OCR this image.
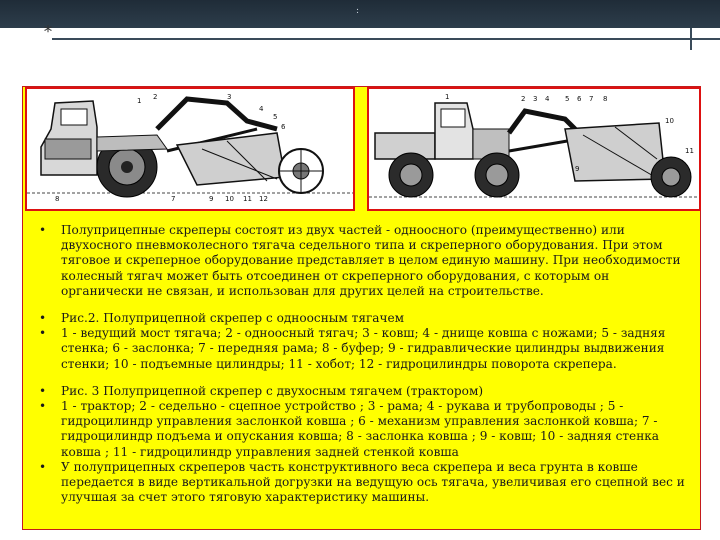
:
*
1 2	3
4
5
6
7
8	9 10 11 12
1	2 3 4 5 6 7 8
9
10
11
• Полуприцепные скреперы состоят из двух частей - одноосного (преимущественно) или двухосного пневмоколесного тягача седельного типа и скреперного оборудования. При этом тяговое и скреперное оборудование представляет в целом единую машину. При необходимости колесный тягач может быть отсоединен от скреперного оборудования, с которым он органически не связан, и использован для других целей на строительстве.
• Рис.2. Полуприцепной скрепер с одноосным тягачем
• 1 - ведущий мост тягача; 2 - одноосный тягач; 3 - ковш; 4 - днище ковша с ножами; 5 - задняя стенка; 6 - заслонка; 7 - передняя рама; 8 - буфер; 9 - гидравлические цилиндры выдвижения стенки; 10 - подъемные цилиндры; 11 - хобот; 12 - гидроцилиндры поворота скрепера.
• Рис. 3 Полуприцепной скрепер с двухосным тягачем (трактором)
• 1 - трактор; 2 - седельно - сцепное устройство ; 3 - рама; 4 - рукава и трубопроводы ; 5 - гидроцилиндр управления заслонкой ковша ; 6 - механизм управления заслонкой ковша; 7 - гидроцилиндр подъема и опускания ковша; 8 - заслонка ковша ; 9 - ковш; 10 - задняя стенка ковша ; 11 - гидроцилиндр управления задней стенкой ковша
• У полуприцепных скреперов часть конструктивного веса скрепера и веса грунта в ковше передается в виде вертикальной догрузки на ведущую ось тягача, увеличивая его сцепной вес и улучшая за счет этого тяговую характеристику машины.
